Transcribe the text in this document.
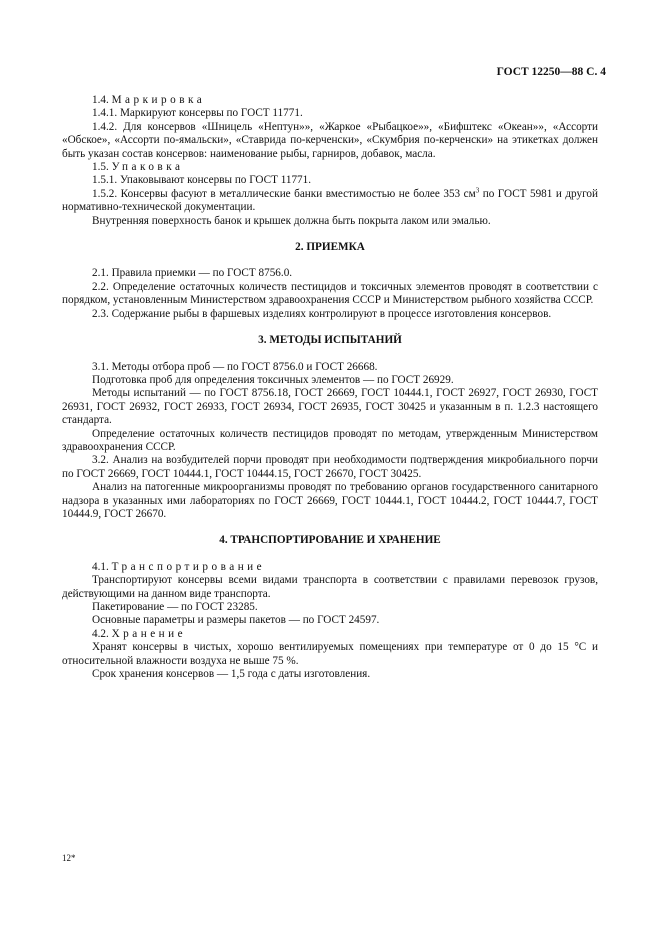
ГОСТ 12250—88 С. 4

1.4. Маркировка

1.4.1. Маркируют консервы по ГОСТ 11771.

1.4.2. Для консервов «Шницель «Нептун»», «Жаркое «Рыбацкое»», «Бифштекс «Океан»», «Ассорти «Обское», «Ассорти по-ямальски», «Ставрида по-керченски», «Скумбрия по-керченски» на этикетках должен быть указан состав консервов: наименование рыбы, гарниров, добавок, масла.

1.5. Упаковка

1.5.1. Упаковывают консервы по ГОСТ 11771.

1.5.2. Консервы фасуют в металлические банки вместимостью не более 353 $см^3$ по ГОСТ 5981 и другой нормативно-технической документации.

Внутренняя поверхность банок и крышек должна быть покрыта лаком или эмалью.

2. ПРИЕМКА

2.1. Правила приемки — по ГОСТ 8756.0.

2.2. Определение остаточных количеств пестицидов и токсичных элементов проводят в соответствии с порядком, установленным Министерством здравоохранения СССР и Министерством рыбного хозяйства СССР.

2.3. Содержание рыбы в фаршевых изделиях контролируют в процессе изготовления консервов.

3. МЕТОДЫ ИСПЫТАНИЙ

3.1. Методы отбора проб — по ГОСТ 8756.0 и ГОСТ 26668.

Подготовка проб для определения токсичных элементов — по ГОСТ 26929.

Методы испытаний — по ГОСТ 8756.18, ГОСТ 26669, ГОСТ 10444.1, ГОСТ 26927, ГОСТ 26930, ГОСТ 26931, ГОСТ 26932, ГОСТ 26933, ГОСТ 26934, ГОСТ 26935, ГОСТ 30425 и указанным в п. 1.2.3 настоящего стандарта.

Определение остаточных количеств пестицидов проводят по методам, утвержденным Министерством здравоохранения СССР.

3.2. Анализ на возбудителей порчи проводят при необходимости подтверждения микробиального порчи по ГОСТ 26669, ГОСТ 10444.1, ГОСТ 10444.15, ГОСТ 26670, ГОСТ 30425.

Анализ на патогенные микроорганизмы проводят по требованию органов государственного санитарного надзора в указанных ими лабораториях по ГОСТ 26669, ГОСТ 10444.1, ГОСТ 10444.2, ГОСТ 10444.7, ГОСТ 10444.9, ГОСТ 26670.

4. ТРАНСПОРТИРОВАНИЕ И ХРАНЕНИЕ

4.1. Транспортирование

Транспортируют консервы всеми видами транспорта в соответствии с правилами перевозок грузов, действующими на данном виде транспорта.

Пакетирование — по ГОСТ 23285.

Основные параметры и размеры пакетов — по ГОСТ 24597.

4.2. Хранение

Хранят консервы в чистых, хорошо вентилируемых помещениях при температуре от 0 до 15 °С и относительной влажности воздуха не выше 75 %.

Срок хранения консервов — 1,5 года с даты изготовления.

12*
